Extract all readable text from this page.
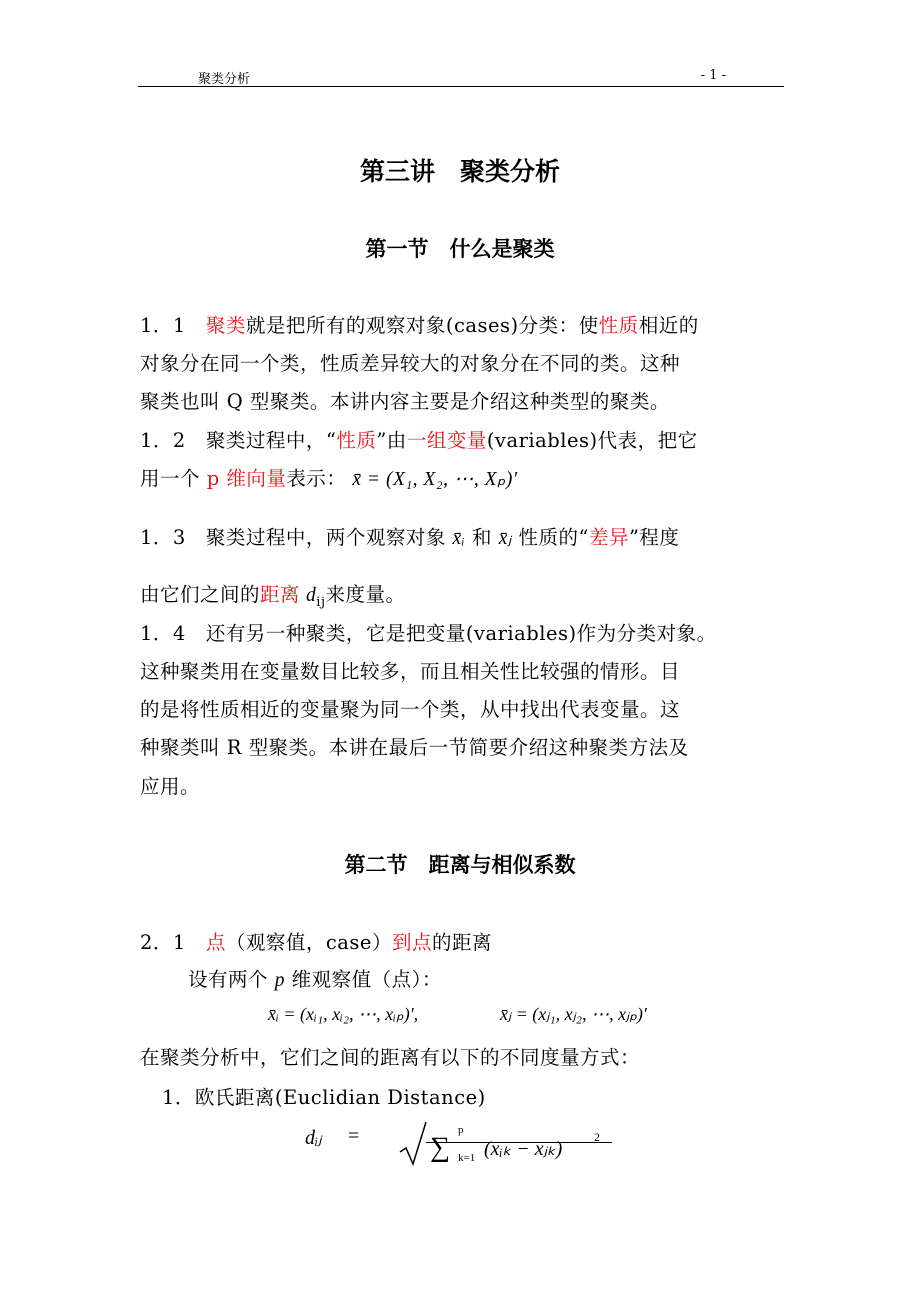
聚类分析	- 1 -
第三讲　聚类分析
第一节　什么是聚类
1．1　聚类就是把所有的观察对象(cases)分类：使性质相近的
对象分在同一个类，性质差异较大的对象分在不同的类。这种
聚类也叫 Q 型聚类。本讲内容主要是介绍这种类型的聚类。
1．2　聚类过程中，“性质”由一组变量(variables)代表，把它
用一个 p 维向量表示： x̄ = (X₁, X₂, ⋯, Xₚ)′
1．3　聚类过程中，两个观察对象 x̄ᵢ 和 x̄ⱼ 性质的“差异”程度
由它们之间的距离 $d_{ij}$来度量。
1．4　还有另一种聚类，它是把变量(variables)作为分类对象。
这种聚类用在变量数目比较多，而且相关性比较强的情形。目
的是将性质相近的变量聚为同一个类，从中找出代表变量。这
种聚类叫 R 型聚类。本讲在最后一节简要介绍这种聚类方法及
应用。
第二节　距离与相似系数
2．1　点（观察值，case）到点的距离
设有两个 p 维观察值（点）：
x̄ᵢ = (xᵢ₁, xᵢ₂, ⋯, xᵢₚ)′,	x̄ⱼ = (xⱼ₁, xⱼ₂, ⋯, xⱼₚ)′
在聚类分析中，它们之间的距离有以下的不同度量方式：
1．欧氏距离(Euclidian Distance)
dᵢⱼ =	∑
p
k=1 (xᵢₖ − xⱼₖ)
2
